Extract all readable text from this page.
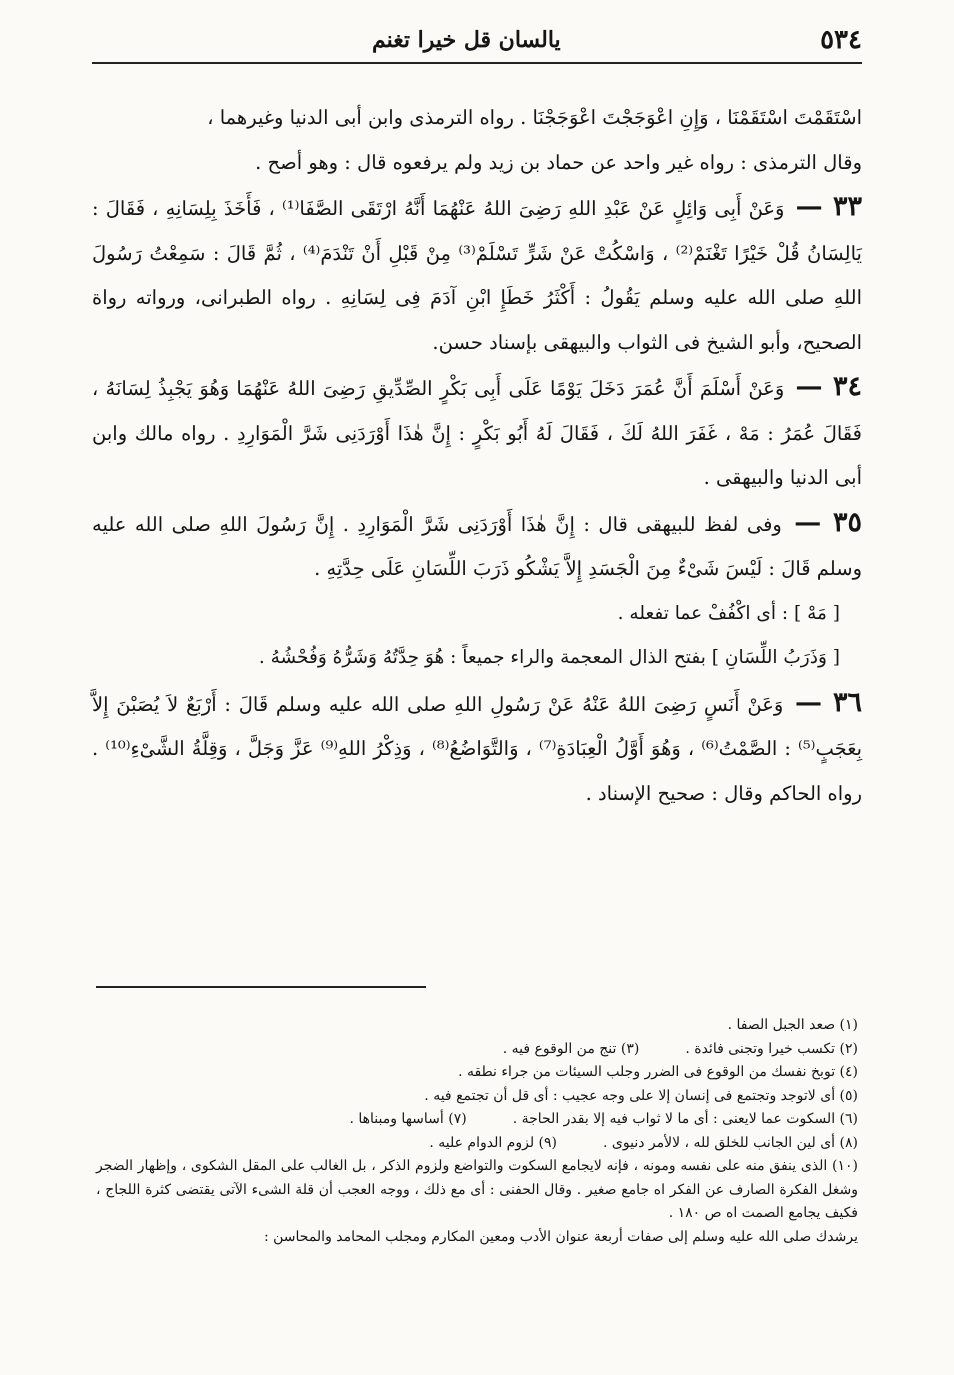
٥٣٤
يالسان قل خيرا تغنم

اسْتَقَمْتَ اسْتَقَمْنَا ، وَإِنِ اعْوَجَجْتَ اعْوَجَجْنَا . رواه الترمذى وابن أبى الدنيا وغيرهما ،

وقال الترمذى : رواه غير واحد عن حماد بن زيد ولم يرفعوه قال : وهو أصح .

٣٣ — وَعَنْ أَبِى وَائِلٍ عَنْ عَبْدِ اللهِ رَضِىَ اللهُ عَنْهُمَا أَنَّهُ ارْتَقَى الصَّفَا⁽¹⁾ ، فَأَخَذَ بِلِسَانِهِ ، فَقَالَ : يَالِسَانُ قُلْ خَيْرًا تَغْنَمْ⁽²⁾ ، وَاسْكُتْ عَنْ شَرٍّ تَسْلَمْ⁽³⁾ مِنْ قَبْلِ أَنْ تَنْدَمَ⁽⁴⁾ ، ثُمَّ قَالَ : سَمِعْتُ رَسُولَ اللهِ صلى الله عليه وسلم يَقُولُ : أَكْثَرُ خَطَإِ ابْنِ آدَمَ فِى لِسَانِهِ . رواه الطبرانى، ورواته رواة الصحيح، وأبو الشيخ فى الثواب والبيهقى بإسناد حسن.

٣٤ — وَعَنْ أَسْلَمَ أَنَّ عُمَرَ دَخَلَ يَوْمًا عَلَى أَبِى بَكْرٍ الصِّدِّيقِ رَضِىَ اللهُ عَنْهُمَا وَهُوَ يَجْبِذُ لِسَانَهُ ، فَقَالَ عُمَرُ : مَهْ ، غَفَرَ اللهُ لَكَ ، فَقَالَ لَهُ أَبُو بَكْرٍ : إِنَّ هٰذَا أَوْرَدَنِى شَرَّ الْمَوَارِدِ . رواه مالك وابن أبى الدنيا والبيهقى .

٣٥ — وفى لفظ للبيهقى قال : إِنَّ هٰذَا أَوْرَدَنِى شَرَّ الْمَوَارِدِ . إِنَّ رَسُولَ اللهِ صلى الله عليه وسلم قَالَ : لَيْسَ شَىْءٌ مِنَ الْجَسَدِ إِلاَّ يَشْكُو ذَرَبَ اللِّسَانِ عَلَى حِدَّتِهِ .

[ مَهْ ] : أى اكْفُفْ عما تفعله .

[ وَذَرَبُ اللِّسَانِ ] بفتح الذال المعجمة والراء جميعاً : هُوَ حِدَّتُهُ وَشَرُّهُ وَفُحْشُهُ .

٣٦ — وَعَنْ أَنَسٍ رَضِىَ اللهُ عَنْهُ عَنْ رَسُولِ اللهِ صلى الله عليه وسلم قَالَ : أَرْبَعٌ لاَ يُصَبْنَ إِلاَّ بِعَجَبٍ⁽⁵⁾ : الصَّمْتُ⁽⁶⁾ ، وَهُوَ أَوَّلُ الْعِبَادَةِ⁽⁷⁾ ، وَالتَّوَاضُعُ⁽⁸⁾ ، وَذِكْرُ اللهِ⁽⁹⁾ عَزَّ وَجَلَّ ، وَقِلَّةُ الشَّىْءِ⁽¹⁰⁾ . رواه الحاكم وقال : صحيح الإسناد .

(١) صعد الجبل الصفا .

(٢) تكسب خيرا وتجنى فائدة .
(٣) تنج من الوقوع فيه .

(٤) توبخ نفسك من الوقوع فى الضرر وجلب السيئات من جراء نطقه .

(٥) أى لاتوجد وتجتمع فى إنسان إلا على وجه عجيب : أى قل أن تجتمع فيه .

(٦) السكوت عما لايعنى : أى ما لا ثواب فيه إلا بقدر الحاجة .
(٧) أساسها ومبناها .

(٨) أى لين الجانب للخلق لله ، لالأمر دنيوى .
(٩) لزوم الدوام عليه .

(١٠) الذى ينفق منه على نفسه ومونه ، فإنه لايجامع السكوت والتواضع ولزوم الذكر ، بل الغالب على المقل الشكوى ، وإظهار الضجر وشغل الفكرة الصارف عن الفكر اه جامع صغير . وقال الحفنى : أى مع ذلك ، ووجه العجب أن قلة الشىء الآتى يقتضى كثرة اللجاج ، فكيف يجامع الصمت اه ص ١٨٠ .

يرشدك صلى الله عليه وسلم إلى صفات أربعة عنوان الأدب ومعين المكارم ومجلب المحامد والمحاسن :
